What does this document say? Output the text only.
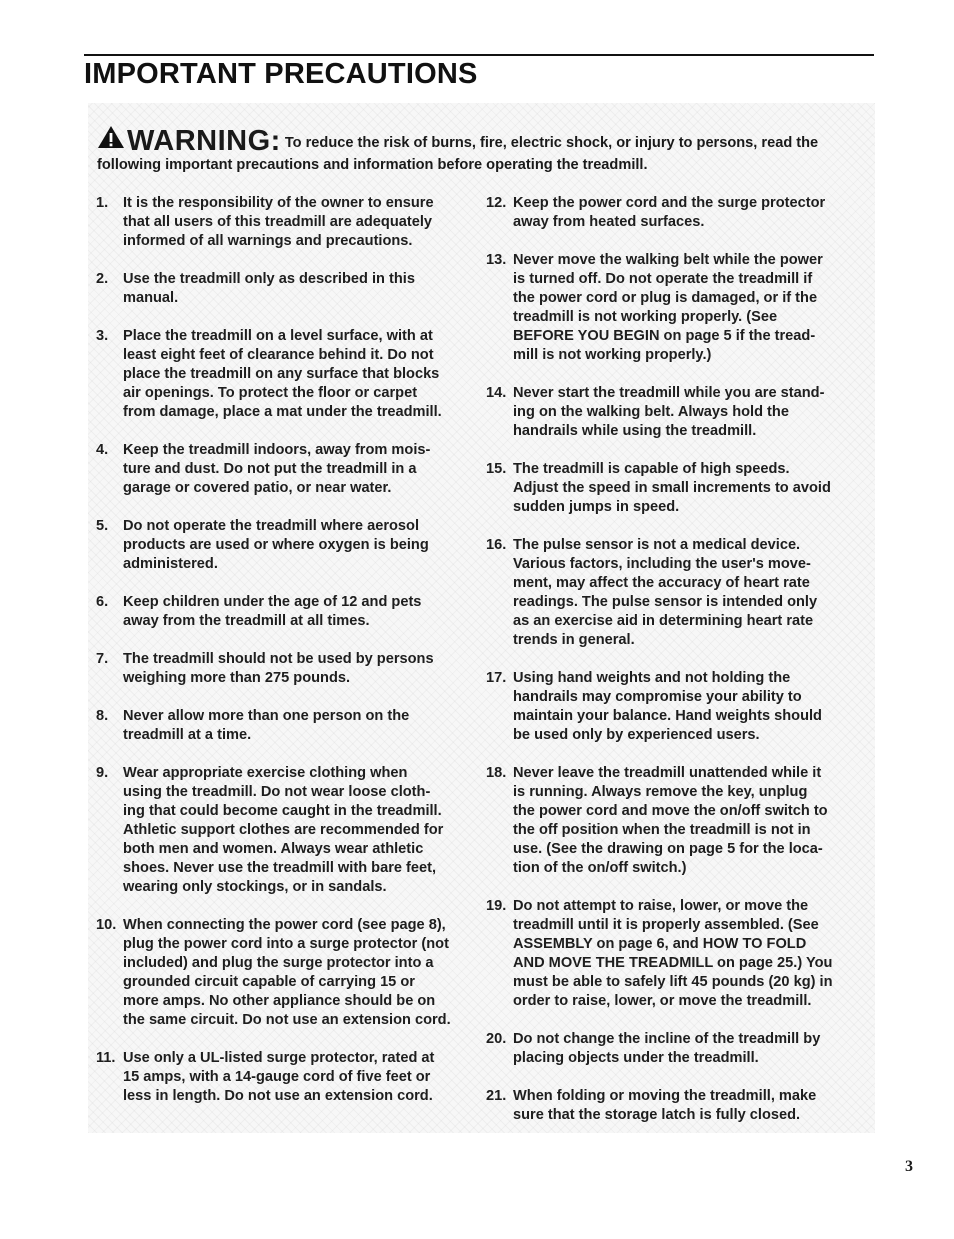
IMPORTANT PRECAUTIONS
WARNING: To reduce the risk of burns, fire, electric shock, or injury to persons, read the following important precautions and information before operating the treadmill.
1.	It is the responsibility of the owner to ensure
that all users of this treadmill are adequately
informed of all warnings and precautions.
2.	Use the treadmill only as described in this
manual.
3.	Place the treadmill on a level surface, with at
least eight feet of clearance behind it. Do not
place the treadmill on any surface that blocks
air openings. To protect the floor or carpet
from damage, place a mat under the treadmill.
4.	Keep the treadmill indoors, away from mois-
ture and dust. Do not put the treadmill in a
garage or covered patio, or near water.
5.	Do not operate the treadmill where aerosol
products are used or where oxygen is being
administered.
6.	Keep children under the age of 12 and pets
away from the treadmill at all times.
7.	The treadmill should not be used by persons
weighing more than 275 pounds.
8.	Never allow more than one person on the
treadmill at a time.
9.	Wear appropriate exercise clothing when
using the treadmill. Do not wear loose cloth-
ing that could become caught in the treadmill.
Athletic support clothes are recommended for
both men and women. Always wear athletic
shoes. Never use the treadmill with bare feet,
wearing only stockings, or in sandals.
10. When connecting the power cord (see page 8),
plug the power cord into a surge protector (not
included) and plug the surge protector into a
grounded circuit capable of carrying 15 or
more amps. No other appliance should be on
the same circuit. Do not use an extension cord.
11. Use only a UL-listed surge protector, rated at
15 amps, with a 14-gauge cord of five feet or
less in length. Do not use an extension cord.
12. Keep the power cord and the surge protector
away from heated surfaces.
13. Never move the walking belt while the power
is turned off. Do not operate the treadmill if
the power cord or plug is damaged, or if the
treadmill is not working properly. (See
BEFORE YOU BEGIN on page 5 if the tread-
mill is not working properly.)
14. Never start the treadmill while you are stand-
ing on the walking belt. Always hold the
handrails while using the treadmill.
15. The treadmill is capable of high speeds.
Adjust the speed in small increments to avoid
sudden jumps in speed.
16. The pulse sensor is not a medical device.
Various factors, including the user's move-
ment, may affect the accuracy of heart rate
readings. The pulse sensor is intended only
as an exercise aid in determining heart rate
trends in general.
17. Using hand weights and not holding the
handrails may compromise your ability to
maintain your balance. Hand weights should
be used only by experienced users.
18. Never leave the treadmill unattended while it
is running. Always remove the key, unplug
the power cord and move the on/off switch to
the off position when the treadmill is not in
use. (See the drawing on page 5 for the loca-
tion of the on/off switch.)
19. Do not attempt to raise, lower, or move the
treadmill until it is properly assembled. (See
ASSEMBLY on page 6, and HOW TO FOLD
AND MOVE THE TREADMILL on page 25.) You
must be able to safely lift 45 pounds (20 kg) in
order to raise, lower, or move the treadmill.
20. Do not change the incline of the treadmill by
placing objects under the treadmill.
21. When folding or moving the treadmill, make
sure that the storage latch is fully closed.
3
